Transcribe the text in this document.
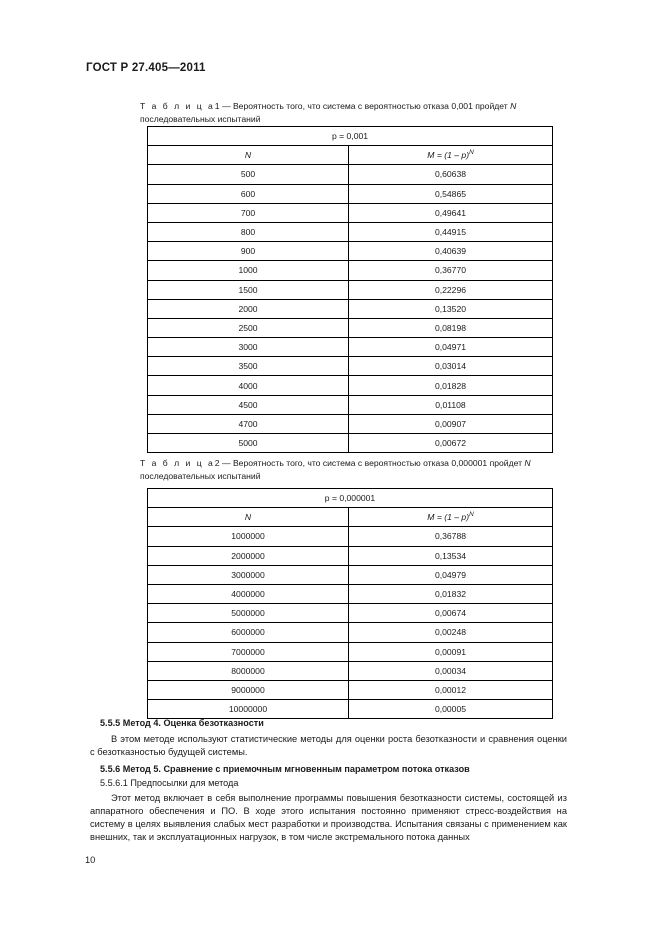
ГОСТ Р 27.405—2011
Т а б л и ц а1 — Вероятность того, что система с вероятностью отказа 0,001 пройдет N
последовательных испытаний
p = 0,001	
N	M = (1 – p)$^N$
500	0,60638
600	0,54865
700	0,49641
800	0,44915
900	0,40639
1000	0,36770
1500	0,22296
2000	0,13520
2500	0,08198
3000	0,04971
3500	0,03014
4000	0,01828
4500	0,01108
4700	0,00907
5000	0,00672
Т а б л и ц а2 — Вероятность того, что система с вероятностью отказа 0,000001 пройдет N
последовательных испытаний
p = 0,000001	
N	M = (1 – p)$^N$
1000000	0,36788
2000000	0,13534
3000000	0,04979
4000000	0,01832
5000000	0,00674
6000000	0,00248
7000000	0,00091
8000000	0,00034
9000000	0,00012
10000000	0,00005
5.5.5 Метод 4. Оценка безотказности
В этом методе используют статистические методы для оценки роста безотказности и сравнения оценки с безотказностью будущей системы.
5.5.6 Метод 5. Сравнение с приемочным мгновенным параметром потока отказов
5.5.6.1 Предпосылки для метода
Этот метод включает в себя выполнение программы повышения безотказности системы, состоящей из аппаратного обеспечения и ПО. В ходе этого испытания постоянно применяют стресс-воздействия на систему в целях выявления слабых мест разработки и производства. Испытания связаны с применением как внешних, так и эксплуатационных нагрузок, в том числе экстремального потока данных
10
